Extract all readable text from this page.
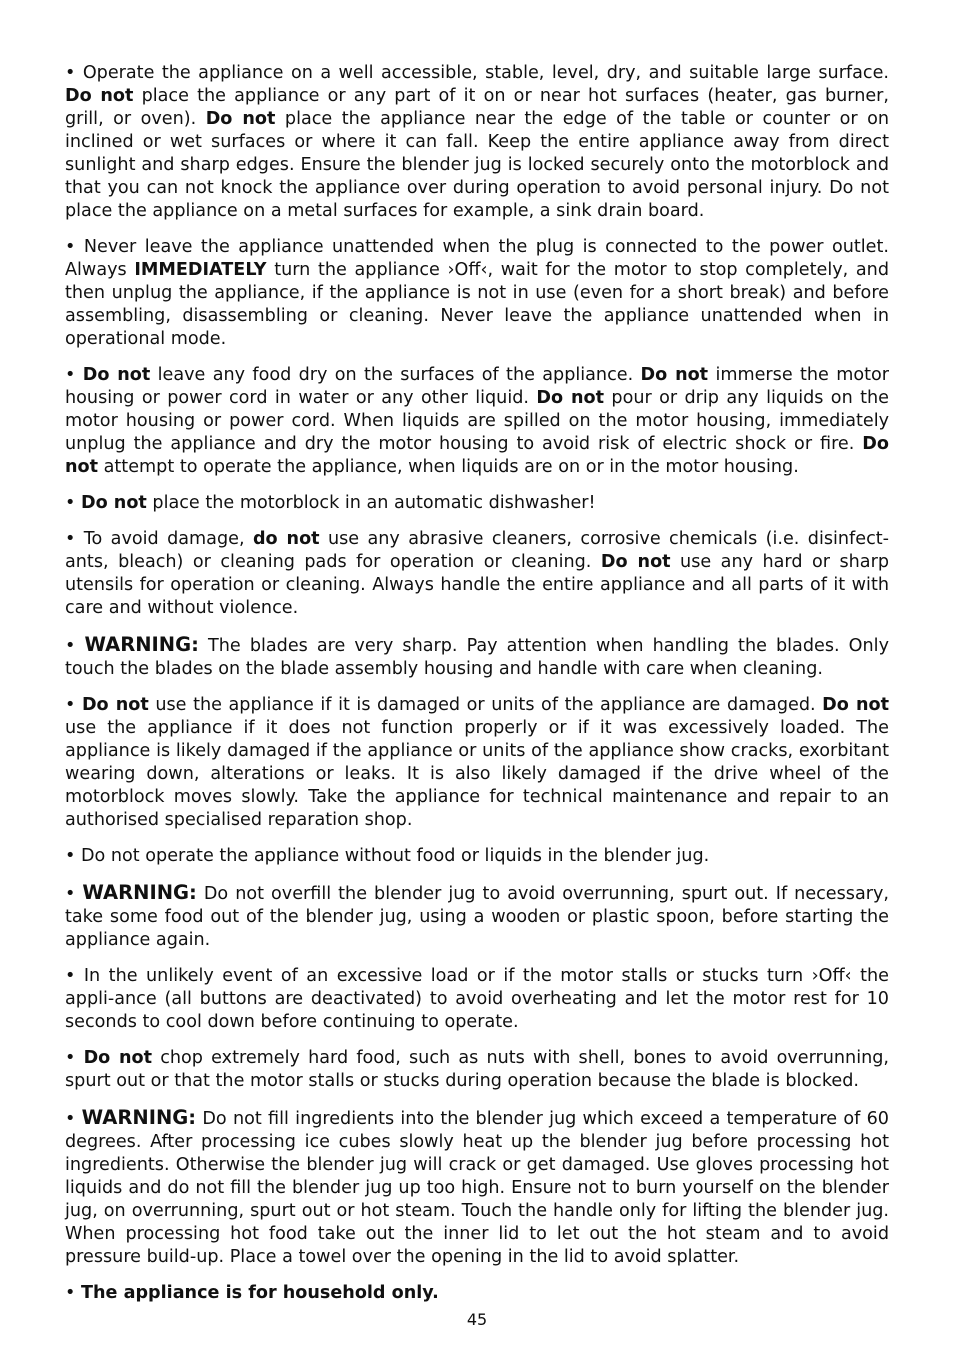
• Operate the appliance on a well accessible, stable, level, dry, and suitable large surface. Do not place the appliance or any part of it on or near hot surfaces (heater, gas burner, grill, or oven). Do not place the appliance near the edge of the table or counter or on inclined or wet surfaces or where it can fall. Keep the entire appliance away from direct sunlight and sharp edges. Ensure the blender jug is locked securely onto the motorblock and that you can not knock the appliance over during operation to avoid personal injury. Do not place the appliance on a metal surfaces for example, a sink drain board.

• Never leave the appliance unattended when the plug is connected to the power outlet. Always IMMEDIATELY turn the appliance ›Off‹, wait for the motor to stop completely, and then unplug the appliance, if the appliance is not in use (even for a short break) and before assembling, disassembling or cleaning. Never leave the appliance unattended when in operational mode.

• Do not leave any food dry on the surfaces of the appliance. Do not immerse the motor housing or power cord in water or any other liquid. Do not pour or drip any liquids on the motor housing or power cord. When liquids are spilled on the motor housing, immediately unplug the appliance and dry the motor housing to avoid risk of electric shock or fire. Do not attempt to operate the appliance, when liquids are on or in the motor housing.

• Do not place the motorblock in an automatic dishwasher!

• To avoid damage, do not use any abrasive cleaners, corrosive chemicals (i.e. disinfect-ants, bleach) or cleaning pads for operation or cleaning. Do not use any hard or sharp utensils for operation or cleaning. Always handle the entire appliance and all parts of it with care and without violence.

• WARNING: The blades are very sharp. Pay attention when handling the blades. Only touch the blades on the blade assembly housing and handle with care when cleaning.

• Do not use the appliance if it is damaged or units of the appliance are damaged. Do not use the appliance if it does not function properly or if it was excessively loaded. The appliance is likely damaged if the appliance or units of the appliance show cracks, exorbitant wearing down, alterations or leaks. It is also likely damaged if the drive wheel of the motorblock moves slowly. Take the appliance for technical maintenance and repair to an authorised specialised reparation shop.

• Do not operate the appliance without food or liquids in the blender jug.

• WARNING: Do not overfill the blender jug to avoid overrunning, spurt out. If necessary, take some food out of the blender jug, using a wooden or plastic spoon, before starting the appliance again.

• In the unlikely event of an excessive load or if the motor stalls or stucks turn ›Off‹ the appli-ance (all buttons are deactivated) to avoid overheating and let the motor rest for 10 seconds to cool down before continuing to operate.

• Do not chop extremely hard food, such as nuts with shell, bones to avoid overrunning, spurt out or that the motor stalls or stucks during operation because the blade is blocked.

• WARNING: Do not fill ingredients into the blender jug which exceed a temperature of 60 degrees. After processing ice cubes slowly heat up the blender jug before processing hot ingredients. Otherwise the blender jug will crack or get damaged. Use gloves processing hot liquids and do not fill the blender jug up too high. Ensure not to burn yourself on the blender jug, on overrunning, spurt out or hot steam. Touch the handle only for lifting the blender jug. When processing hot food take out the inner lid to let out the hot steam and to avoid pressure build-up. Place a towel over the opening in the lid to avoid splatter.

• The appliance is for household only.

45
